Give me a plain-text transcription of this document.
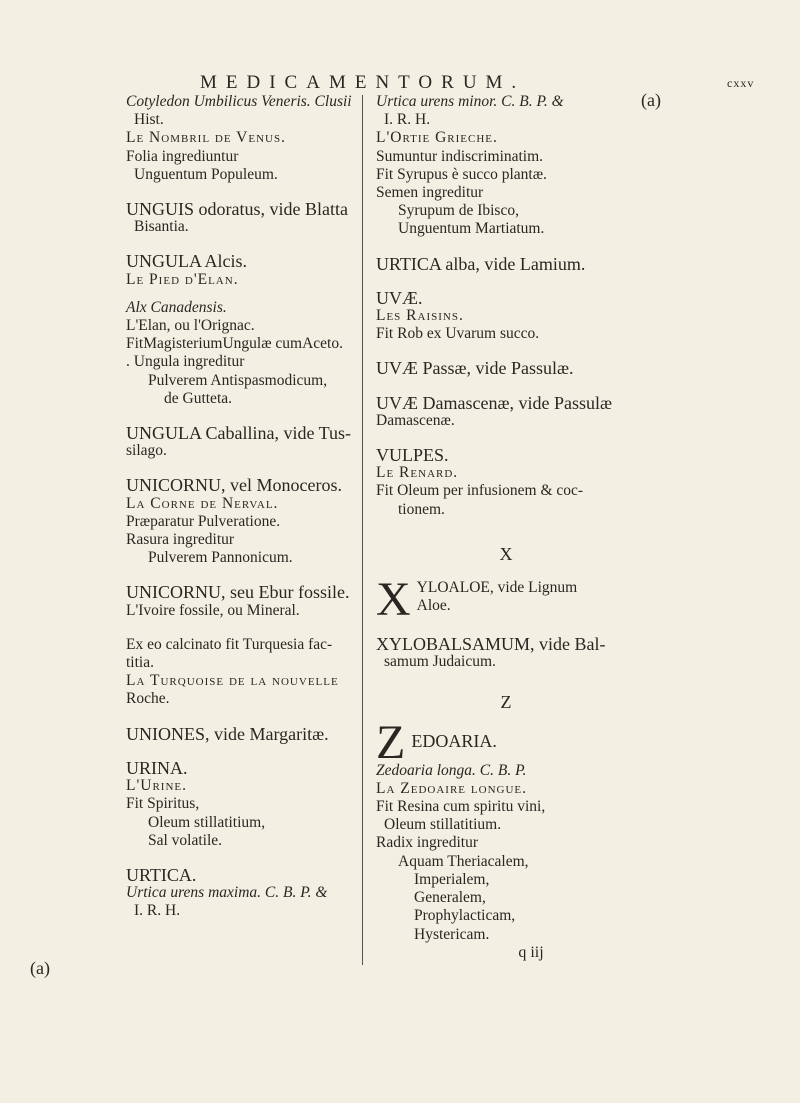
MEDICAMENTORUM.	cxxv
(a)
(a)
Cotyledon Umbilicus Veneris. Clusii
Hist.
Le Nombril de Venus.
Folia ingrediuntur
Unguentum Populeum.
UNGUIS odoratus, vide Blatta
Bisantia.
UNGULA Alcis.
Le Pied d'Elan.
Alx Canadensis.
L'Elan, ou l'Orignac.
FitMagisteriumUngulæ cumAceto.
. Ungula ingreditur
Pulverem Antispasmodicum,
de Gutteta.
UNGULA Caballina, vide Tus-
silago.
UNICORNU, vel Monoceros.
La Corne de Nerval.
Præparatur Pulveratione.
Rasura ingreditur
Pulverem Pannonicum.
UNICORNU, seu Ebur fossile.
L'Ivoire fossile, ou Mineral.
Ex eo calcinato fit Turquesia fac-
titia.
La Turquoise de la nouvelle
Roche.
UNIONES, vide Margaritæ.
URINA.
L'Urine.
Fit Spiritus,
Oleum stillatitium,
Sal volatile.
URTICA.
Urtica urens maxima. C. B. P. &
I. R. H.
Urtica urens minor. C. B. P. &
I. R. H.
L'Ortie Grieche.
Sumuntur indiscriminatim.
Fit Syrupus è succo plantæ.
Semen ingreditur
Syrupum de Ibisco,
Unguentum Martiatum.
URTICA alba, vide Lamium.
UVÆ.
Les Raisins.
Fit Rob ex Uvarum succo.
UVÆ Passæ, vide Passulæ.
UVÆ Damascenæ, vide Passulæ
Damascenæ.
VULPES.
Le Renard.
Fit Oleum per infusionem & coc-
tionem.
X
X YLOALOE, vide Lignum
Aloe.
XYLOBALSAMUM, vide Bal-
samum Judaicum.
Z
Z EDOARIA.
Zedoaria longa. C. B. P.
La Zedoaire longue.
Fit Resina cum spiritu vini,
Oleum stillatitium.
Radix ingreditur
Aquam Theriacalem,
Imperialem,
Generalem,
Prophylacticam,
Hystericam.
q iij
